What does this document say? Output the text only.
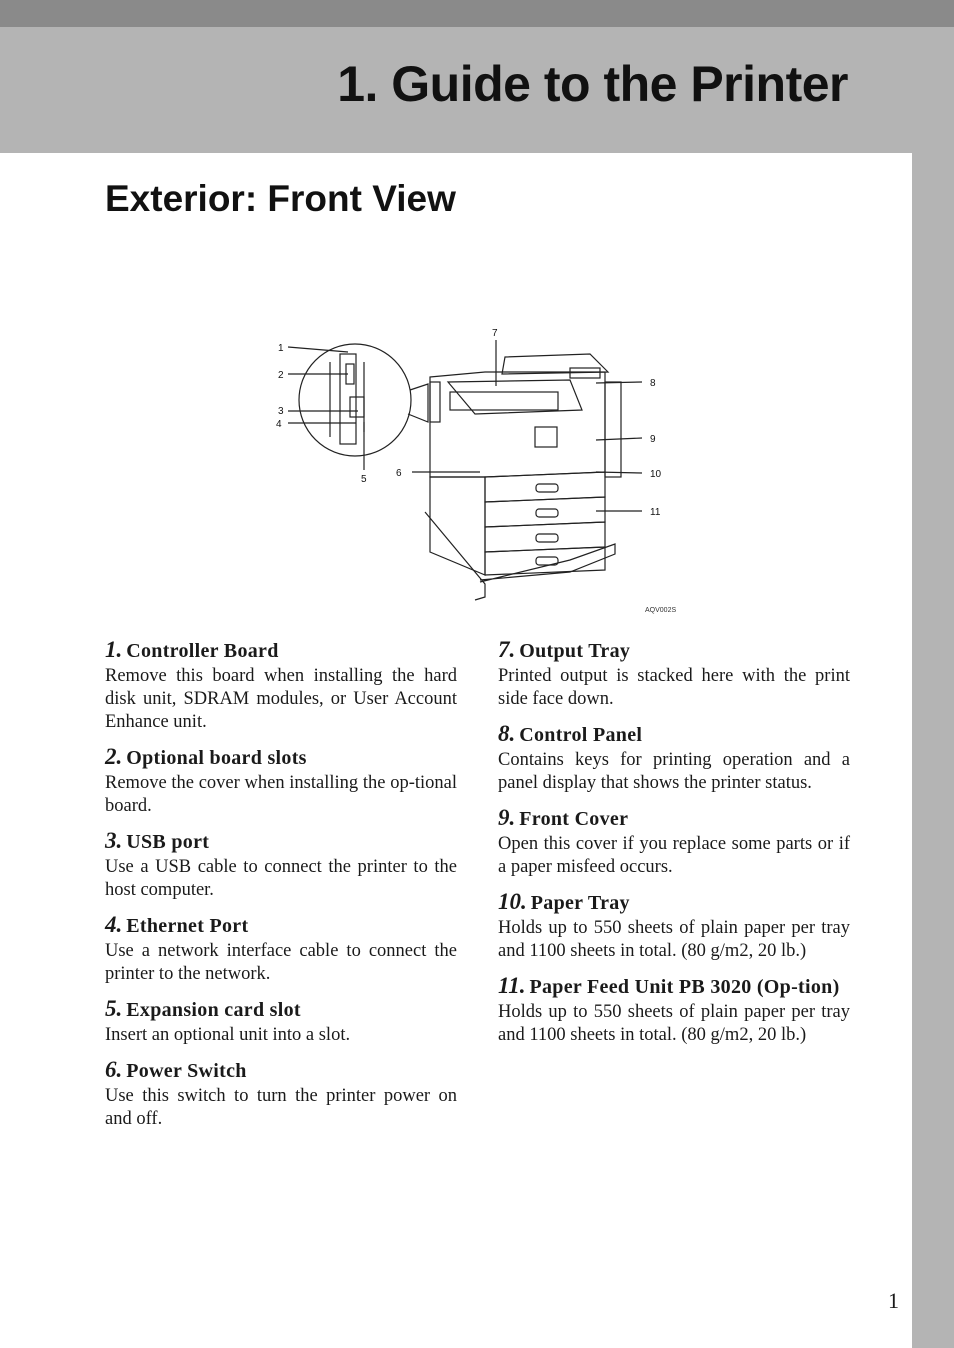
1. Guide to the Printer
Exterior: Front View
1
2
3
4
5
6
7
8
9
10
11
AQV002S

1. Controller Board

Remove this board when installing the hard disk unit, SDRAM modules, or User Account Enhance unit.

2. Optional board slots

Remove the cover when installing the op-tional board.

3. USB port

Use a USB cable to connect the printer to the host computer.

4. Ethernet Port

Use a network interface cable to connect the printer to the network.

5. Expansion card slot

Insert an optional unit into a slot.

6. Power Switch

Use this switch to turn the printer power on and off.

7. Output Tray

Printed output is stacked here with the print side face down.

8. Control Panel

Contains keys for printing operation and a panel display that shows the printer status.

9. Front Cover

Open this cover if you replace some parts or if a paper misfeed occurs.

10. Paper Tray

Holds up to 550 sheets of plain paper per tray and 1100 sheets in total. (80 g/m2, 20 lb.)

11. Paper Feed Unit PB 3020 (Op-tion)

Holds up to 550 sheets of plain paper per tray and 1100 sheets in total. (80 g/m2, 20 lb.)

1
